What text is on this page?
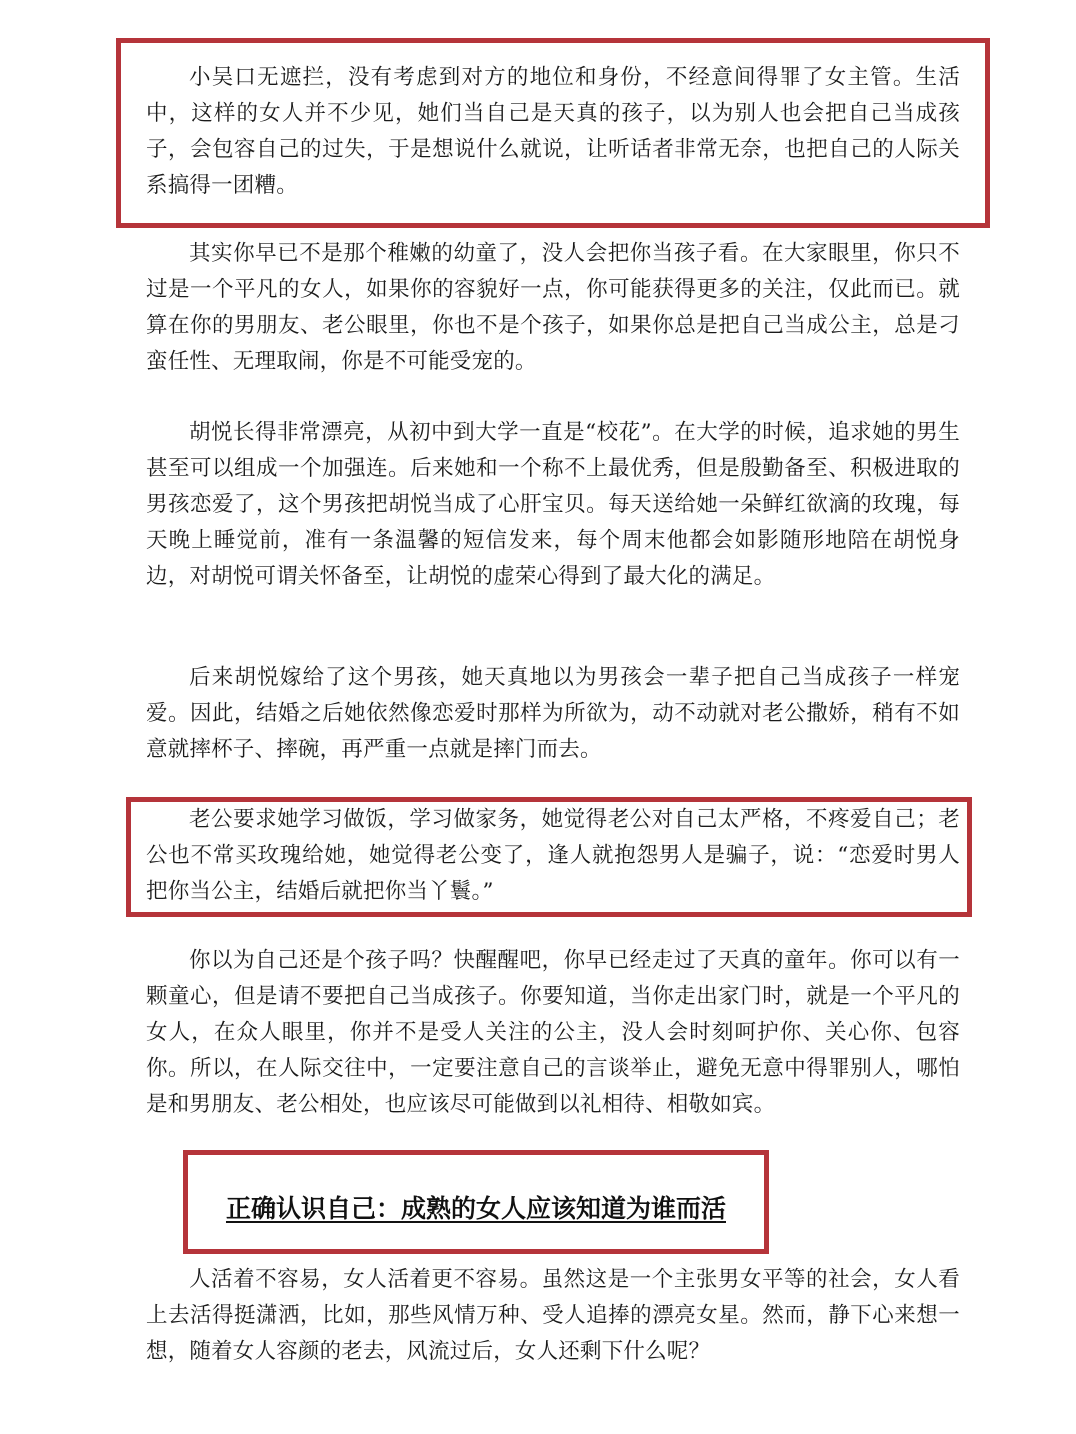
小吴口无遮拦，没有考虑到对方的地位和身份，不经意间得罪了女主管。生活中，这样的女人并不少见，她们当自己是天真的孩子，以为别人也会把自己当成孩子，会包容自己的过失，于是想说什么就说，让听话者非常无奈，也把自己的人际关系搞得一团糟。

其实你早已不是那个稚嫩的幼童了，没人会把你当孩子看。在大家眼里，你只不过是一个平凡的女人，如果你的容貌好一点，你可能获得更多的关注，仅此而已。就算在你的男朋友、老公眼里，你也不是个孩子，如果你总是把自己当成公主，总是刁蛮任性、无理取闹，你是不可能受宠的。

胡悦长得非常漂亮，从初中到大学一直是“校花”。在大学的时候，追求她的男生甚至可以组成一个加强连。后来她和一个称不上最优秀，但是殷勤备至、积极进取的男孩恋爱了，这个男孩把胡悦当成了心肝宝贝。每天送给她一朵鲜红欲滴的玫瑰，每天晚上睡觉前，准有一条温馨的短信发来，每个周末他都会如影随形地陪在胡悦身边，对胡悦可谓关怀备至，让胡悦的虚荣心得到了最大化的满足。

后来胡悦嫁给了这个男孩，她天真地以为男孩会一辈子把自己当成孩子一样宠爱。因此，结婚之后她依然像恋爱时那样为所欲为，动不动就对老公撒娇，稍有不如意就摔杯子、摔碗，再严重一点就是摔门而去。

老公要求她学习做饭，学习做家务，她觉得老公对自己太严格，不疼爱自己；老公也不常买玫瑰给她，她觉得老公变了，逢人就抱怨男人是骗子，说：“恋爱时男人把你当公主，结婚后就把你当丫鬟。”

你以为自己还是个孩子吗？快醒醒吧，你早已经走过了天真的童年。你可以有一颗童心，但是请不要把自己当成孩子。你要知道，当你走出家门时，就是一个平凡的女人，在众人眼里，你并不是受人关注的公主，没人会时刻呵护你、关心你、包容你。所以，在人际交往中，一定要注意自己的言谈举止，避免无意中得罪别人，哪怕是和男朋友、老公相处，也应该尽可能做到以礼相待、相敬如宾。

正确认识自己：成熟的女人应该知道为谁而活

人活着不容易，女人活着更不容易。虽然这是一个主张男女平等的社会，女人看上去活得挺潇洒，比如，那些风情万种、受人追捧的漂亮女星。然而，静下心来想一想，随着女人容颜的老去，风流过后，女人还剩下什么呢？
